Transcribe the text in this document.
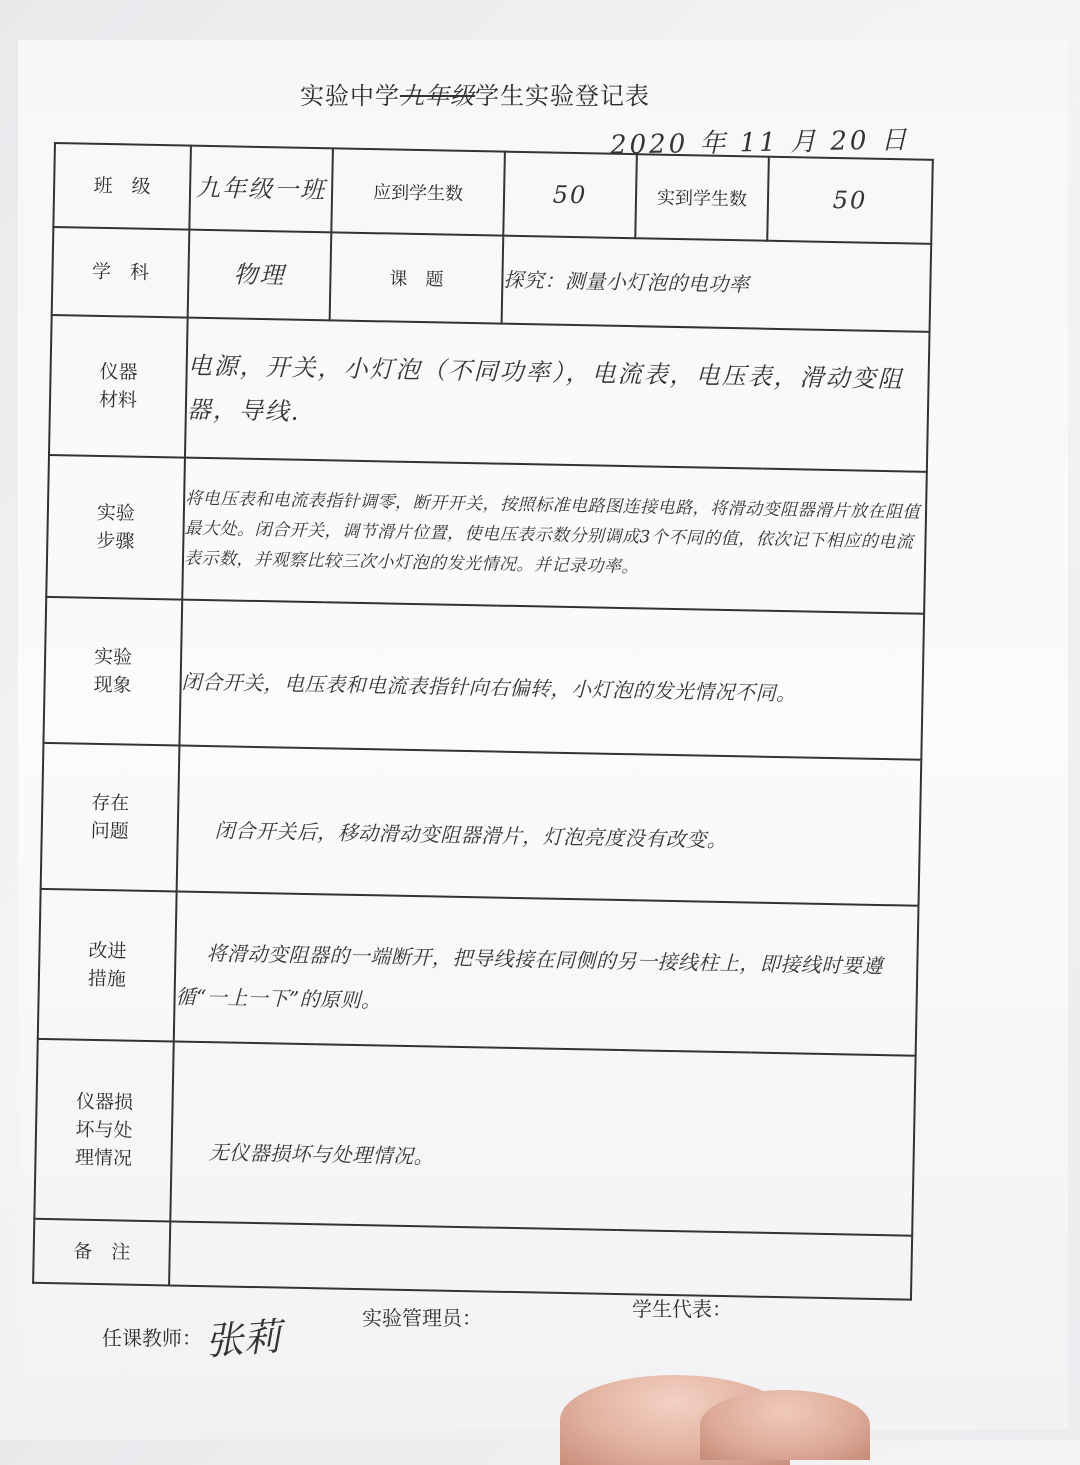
实验中学九年级学生实验登记表
2020 年 11 月 20 日
班　级	九年级一班	应到学生数	50	实到学生数	50
学　科	物理	课　题	探究：测量小灯泡的电功率		
仪器
材料	电源，开关，小灯泡（不同功率），电流表，电压表，滑动变阻器，导线.				

实验
步骤	将电压表和电流表指针调零，断开开关，按照标准电路图连接电路，将滑动变阻器滑片放在阻值最大处。闭合开关，调节滑片位置，使电压表示数分别调成3个不同的值，依次记下相应的电流表示数，并观察比较三次小灯泡的发光情况。并记录功率。				

实验
现象	闭合开关，电压表和电流表指针向右偏转，小灯泡的发光情况不同。				

存在
问题	闭合开关后，移动滑动变阻器滑片，灯泡亮度没有改变。				

改进
措施	将滑动变阻器的一端断开，把导线接在同侧的另一接线柱上，即接线时要遵循“一上一下”的原则。				

仪器损
坏与处
理情况	无仪器损坏与处理情况。				

备　注					
任课教师： 张莉	实验管理员：	学生代表：
